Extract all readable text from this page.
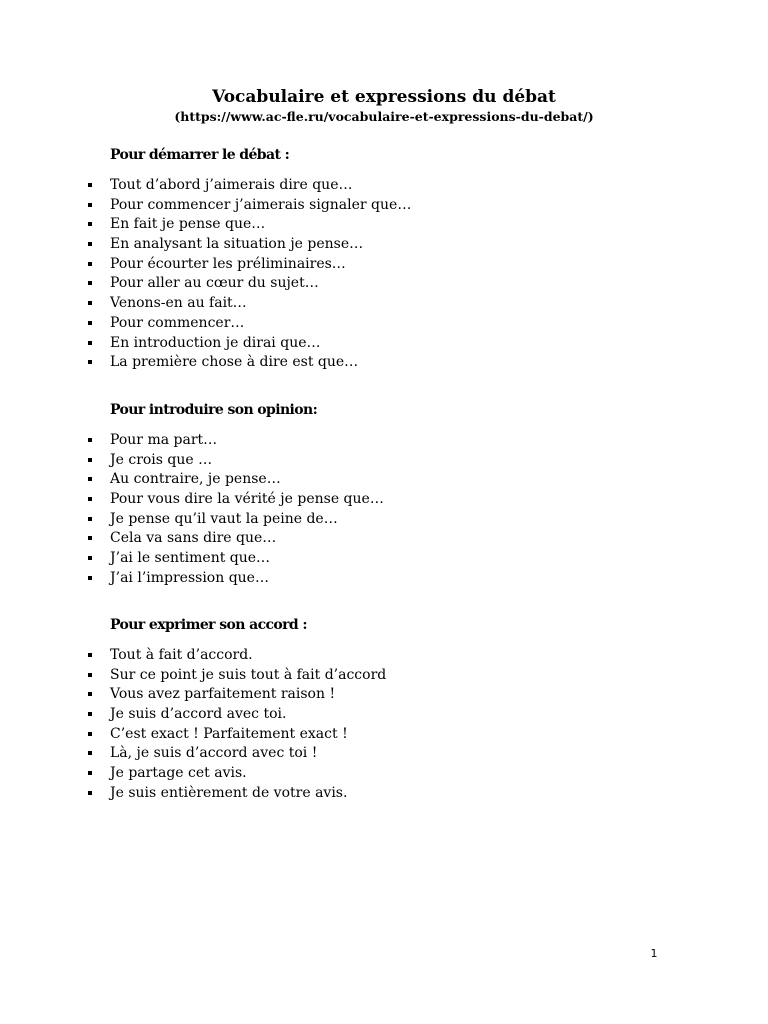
Vocabulaire et expressions du débat
(https://www.ac-fle.ru/vocabulaire-et-expressions-du-debat/)
Pour démarrer le débat :
Tout d’abord j’aimerais dire que…
Pour commencer j’aimerais signaler que…
En fait je pense que…
En analysant la situation je pense…
Pour écourter les préliminaires…
Pour aller au cœur du sujet…
Venons-en au fait…
Pour commencer…
En introduction je dirai que…
La première chose à dire est que…
Pour introduire son opinion:
Pour ma part…
Je crois que …
Au contraire, je pense…
Pour vous dire la vérité je pense que…
Je pense qu’il vaut la peine de…
Cela va sans dire que…
J’ai le sentiment que…
J’ai l’impression que…
Pour exprimer son accord :
Tout à fait d’accord.
Sur ce point je suis tout à fait d’accord
Vous avez parfaitement raison !
Je suis d’accord avec toi.
C’est exact ! Parfaitement exact !
Là, je suis d’accord avec toi !
Je partage cet avis.
Je suis entièrement de votre avis.
1
